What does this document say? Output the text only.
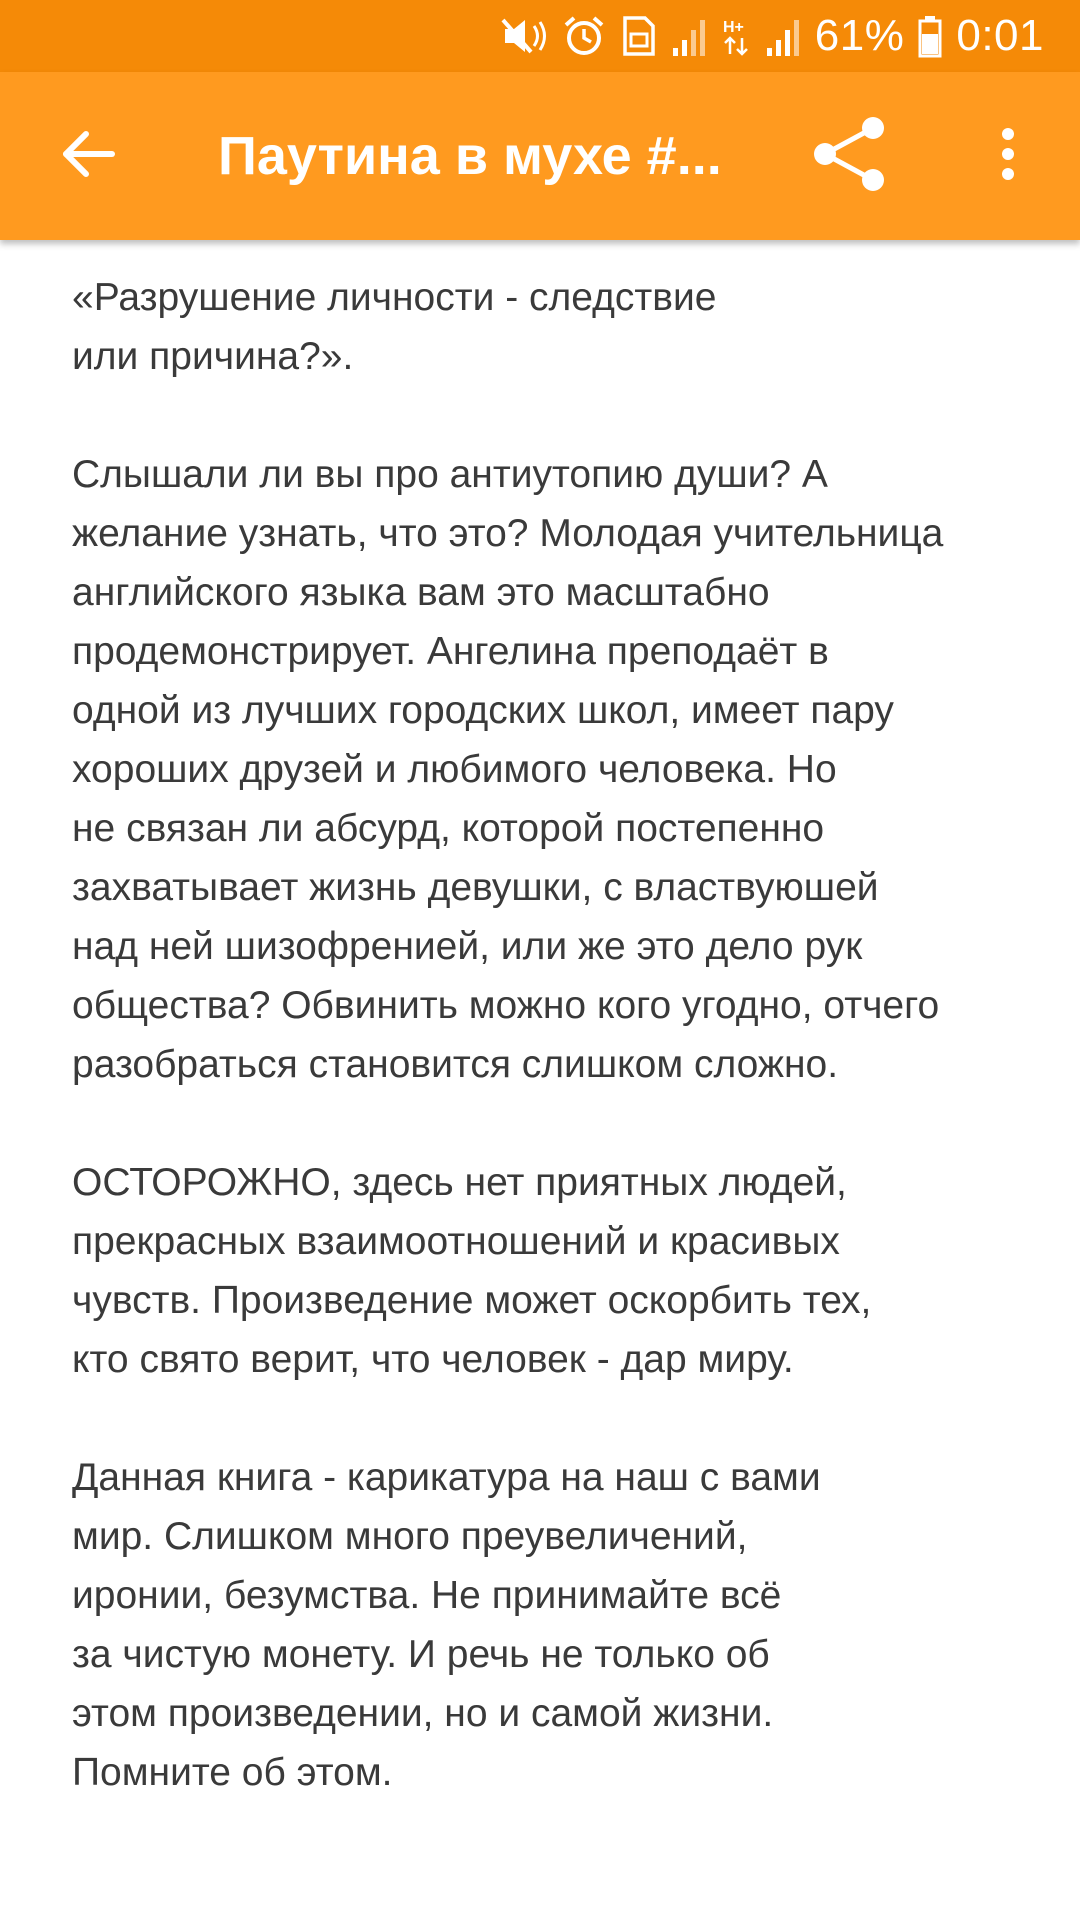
H+ 61% 0:01
Паутина в мухе #...

«Разрушение личности - следствие
или причина?».

Слышали ли вы про антиутопию души? А
желание узнать, что это? Молодая учительница
английского языка вам это масштабно
продемонстрирует. Ангелина преподаёт в
одной из лучших городских школ, имеет пару
хороших друзей и любимого человека. Но
не связан ли абсурд, которой постепенно
захватывает жизнь девушки, с властвуюшей
над ней шизофренией, или же это дело рук
общества? Обвинить можно кого угодно, отчего
разобраться становится слишком сложно.

ОСТОРОЖНО, здесь нет приятных людей,
прекрасных взаимоотношений и красивых
чувств. Произведение может оскорбить тех,
кто свято верит, что человек - дар миру.

Данная книга - карикатура на наш с вами
мир. Слишком много преувеличений,
иронии, безумства. Не принимайте всё
за чистую монету. И речь не только об
этом произведении, но и самой жизни.
Помните об этом.
